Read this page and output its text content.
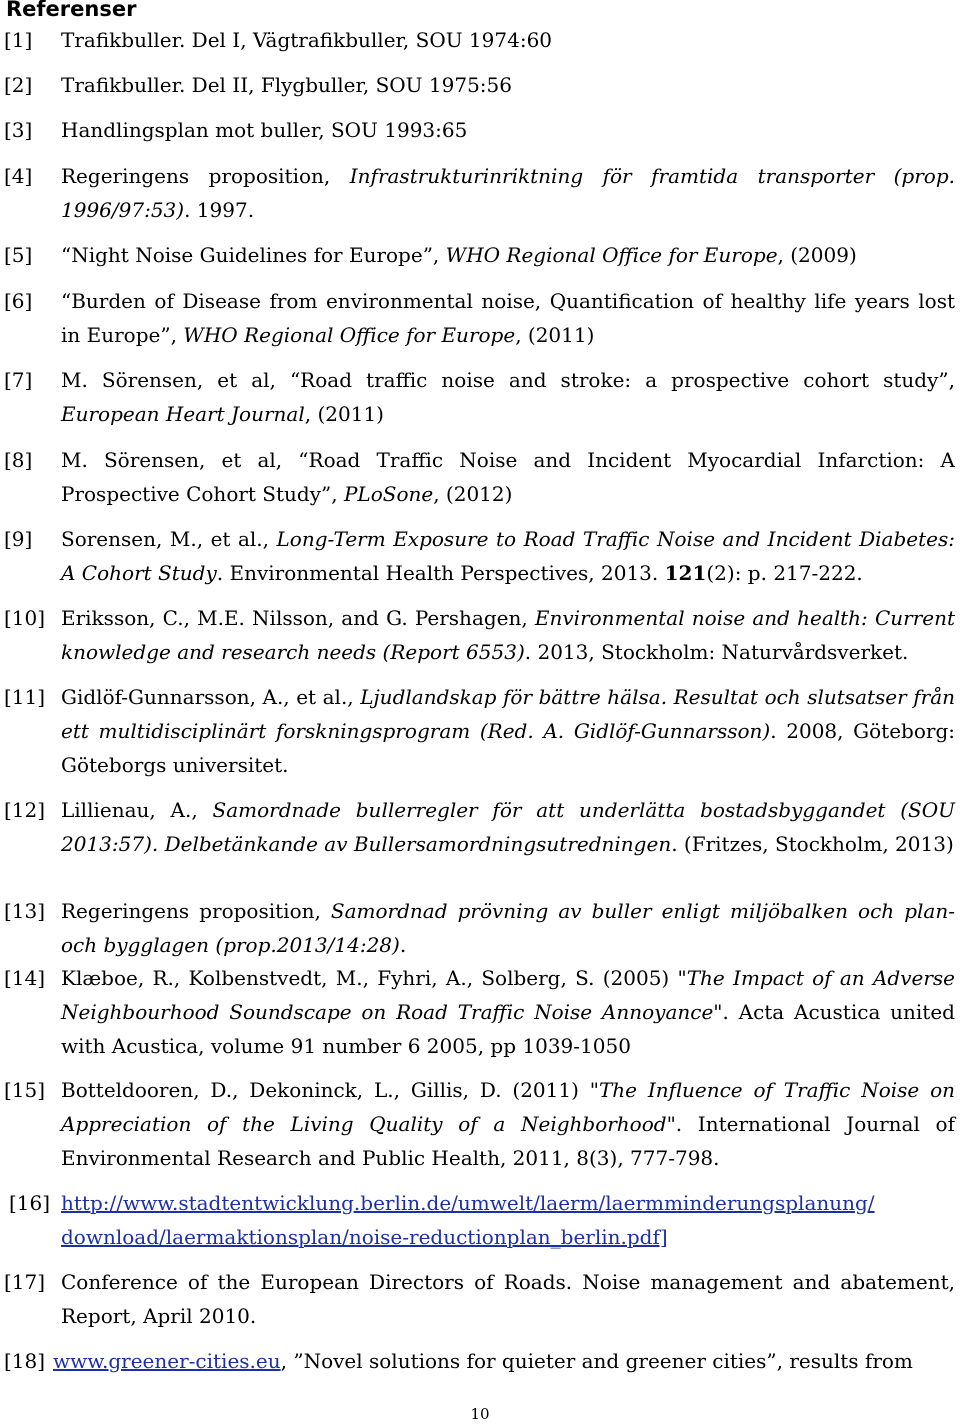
Referenser
[1] Trafikbuller. Del I, Vägtrafikbuller, SOU 1974:60
[2] Trafikbuller. Del II, Flygbuller, SOU 1975:56
[3] Handlingsplan mot buller, SOU 1993:65
[4] Regeringens proposition, Infrastrukturinriktning för framtida transporter (prop. 1996/97:53). 1997.
[5] “Night Noise Guidelines for Europe”, WHO Regional Office for Europe, (2009)
[6] “Burden of Disease from environmental noise, Quantification of healthy life years lost in Europe”, WHO Regional Office for Europe, (2011)
[7] M. Sörensen, et al, “Road traffic noise and stroke: a prospective cohort study”, European Heart Journal, (2011)
[8] M. Sörensen, et al, “Road Traffic Noise and Incident Myocardial Infarction: A Prospective Cohort Study”, PLoSone, (2012)
[9] Sorensen, M., et al., Long-Term Exposure to Road Traffic Noise and Incident Diabetes: A Cohort Study. Environmental Health Perspectives, 2013. 121(2): p. 217-222.
[10] Eriksson, C., M.E. Nilsson, and G. Pershagen, Environmental noise and health: Current knowledge and research needs (Report 6553). 2013, Stockholm: Naturvårdsverket.
[11] Gidlöf-Gunnarsson, A., et al., Ljudlandskap för bättre hälsa. Resultat och slutsatser från ett multidisciplinärt forskningsprogram (Red. A. Gidlöf-Gunnarsson). 2008, Göteborg: Göteborgs universitet.
[12] Lillienau, A., Samordnade bullerregler för att underlätta bostadsbyggandet (SOU 2013:57). Delbetänkande av Bullersamordningsutredningen. (Fritzes, Stockholm, 2013)
[13] Regeringens proposition, Samordnad prövning av buller enligt miljöbalken och plan- och bygglagen (prop.2013/14:28).
[14] Klæboe, R., Kolbenstvedt, M., Fyhri, A., Solberg, S. (2005) "The Impact of an Adverse Neighbourhood Soundscape on Road Traffic Noise Annoyance". Acta Acustica united with Acustica, volume 91 number 6 2005, pp 1039-1050
[15] Botteldooren, D., Dekoninck, L., Gillis, D. (2011) "The Influence of Traffic Noise on Appreciation of the Living Quality of a Neighborhood". International Journal of Environmental Research and Public Health, 2011, 8(3), 777-798.
[16] http://www.stadtentwicklung.berlin.de/umwelt/laerm/laermminderungsplanung/
download/laermaktionsplan/noise-reductionplan_berlin.pdf]
[17] Conference of the European Directors of Roads. Noise management and abatement, Report, April 2010.
[18] www.greener-cities.eu, ”Novel solutions for quieter and greener cities”, results from
10
